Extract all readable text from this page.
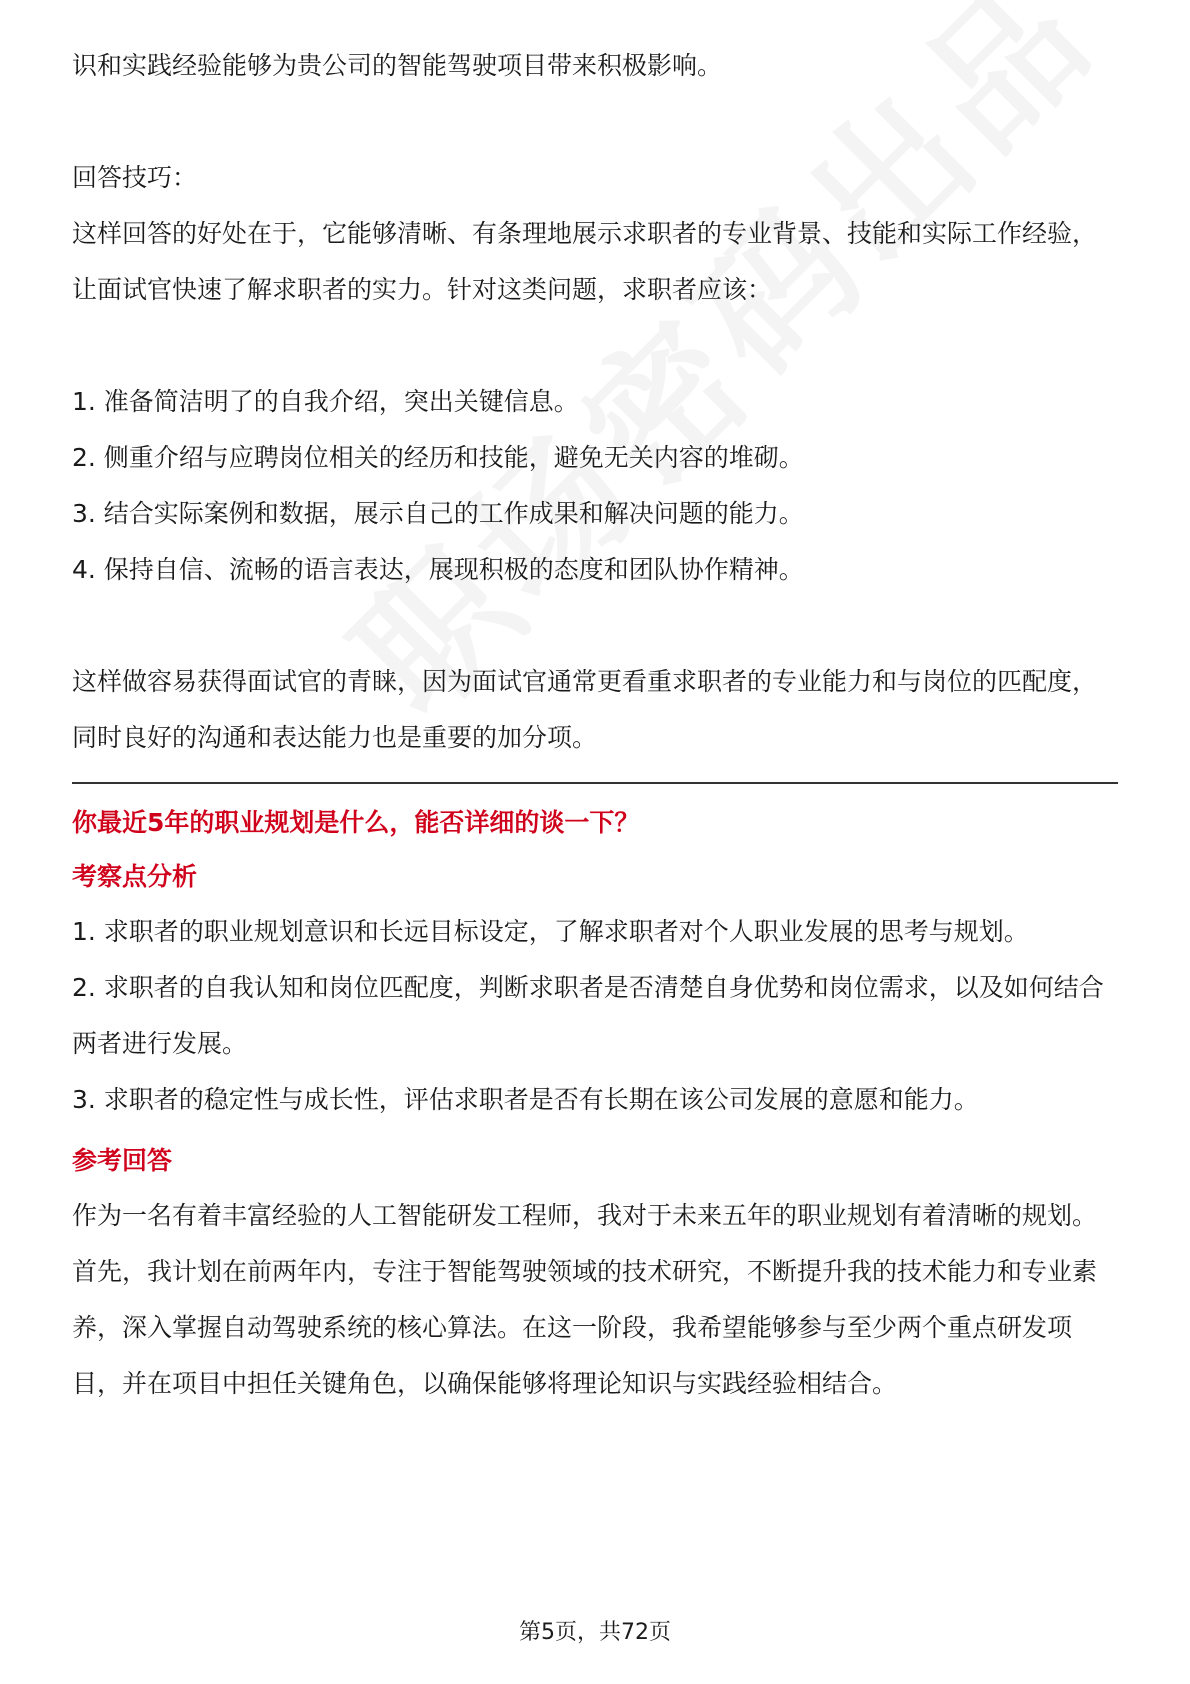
识和实践经验能够为贵公司的智能驾驶项目带来积极影响。

回答技巧：

这样回答的好处在于，它能够清晰、有条理地展示求职者的专业背景、技能和实际工作经验，让面试官快速了解求职者的实力。针对这类问题，求职者应该：

1. 准备简洁明了的自我介绍，突出关键信息。
2. 侧重介绍与应聘岗位相关的经历和技能，避免无关内容的堆砌。
3. 结合实际案例和数据，展示自己的工作成果和解决问题的能力。
4. 保持自信、流畅的语言表达，展现积极的态度和团队协作精神。

这样做容易获得面试官的青睐，因为面试官通常更看重求职者的专业能力和与岗位的匹配度，同时良好的沟通和表达能力也是重要的加分项。

你最近5年的职业规划是什么，能否详细的谈一下？

考察点分析

1. 求职者的职业规划意识和长远目标设定，了解求职者对个人职业发展的思考与规划。
2. 求职者的自我认知和岗位匹配度，判断求职者是否清楚自身优势和岗位需求，以及如何结合两者进行发展。
3. 求职者的稳定性与成长性，评估求职者是否有长期在该公司发展的意愿和能力。

参考回答

作为一名有着丰富经验的人工智能研发工程师，我对于未来五年的职业规划有着清晰的规划。首先，我计划在前两年内，专注于智能驾驶领域的技术研究，不断提升我的技术能力和专业素养，深入掌握自动驾驶系统的核心算法。在这一阶段，我希望能够参与至少两个重点研发项目，并在项目中担任关键角色，以确保能够将理论知识与实践经验相结合。

第5页，共72页
